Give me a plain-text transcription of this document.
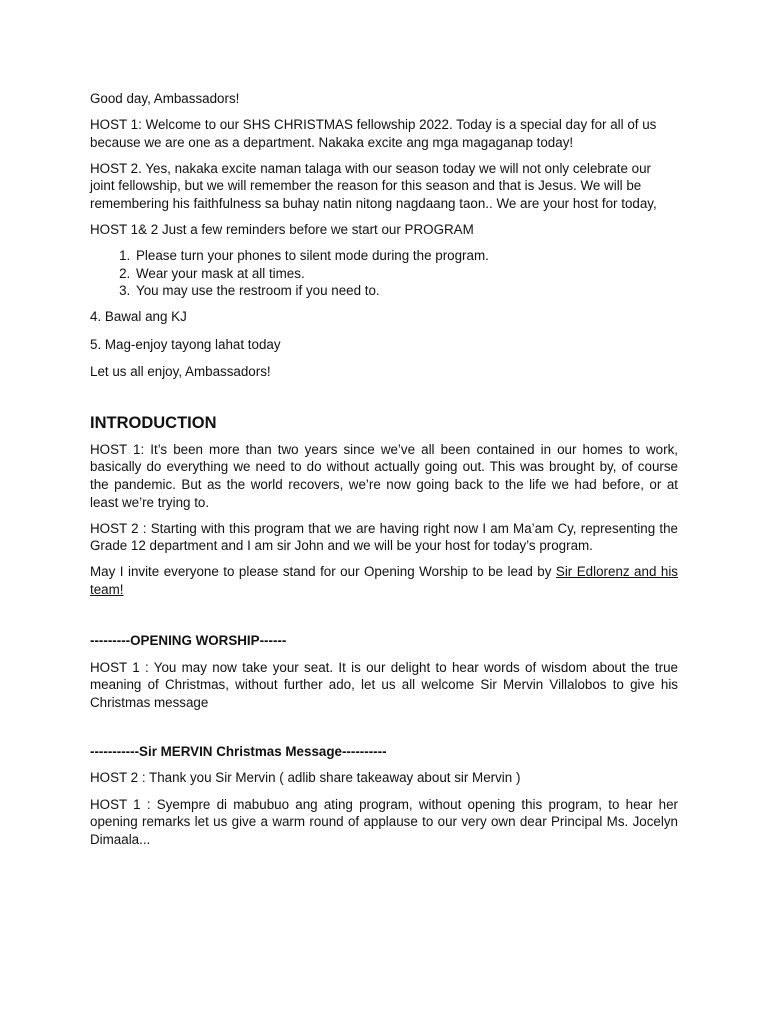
Good day, Ambassadors!

HOST 1: Welcome to our SHS CHRISTMAS fellowship 2022. Today is a special day for all of us because we are one as a department. Nakaka excite ang mga magaganap today!

HOST 2. Yes, nakaka excite naman talaga with our season today we will not only celebrate our joint fellowship, but we will remember the reason for this season and that is Jesus. We will be remembering his faithfulness sa buhay natin nitong nagdaang taon.. We are your host for today,

HOST 1& 2 Just a few reminders before we start our PROGRAM

1. Please turn your phones to silent mode during the program.
2. Wear your mask at all times.
3. You may use the restroom if you need to.

4. Bawal ang KJ

5. Mag-enjoy tayong lahat today

Let us all enjoy, Ambassadors!

INTRODUCTION

HOST 1: It’s been more than two years since we’ve all been contained in our homes to work, basically do everything we need to do without actually going out. This was brought by, of course the pandemic. But as the world recovers, we’re now going back to the life we had before, or at least we’re trying to.

HOST 2 : Starting with this program that we are having right now I am Ma’am Cy, representing the Grade 12 department and I am sir John and we will be your host for today’s program.

May I invite everyone to please stand for our Opening Worship to be lead by Sir Edlorenz and his team!

---------OPENING WORSHIP------

HOST 1 : You may now take your seat. It is our delight to hear words of wisdom about the true meaning of Christmas, without further ado, let us all welcome Sir Mervin Villalobos to give his Christmas message

-----------Sir MERVIN Christmas Message----------

HOST 2 : Thank you Sir Mervin ( adlib share takeaway about sir Mervin )

HOST 1 : Syempre di mabubuo ang ating program, without opening this program, to hear her opening remarks let us give a warm round of applause to our very own dear Principal Ms. Jocelyn Dimaala...
